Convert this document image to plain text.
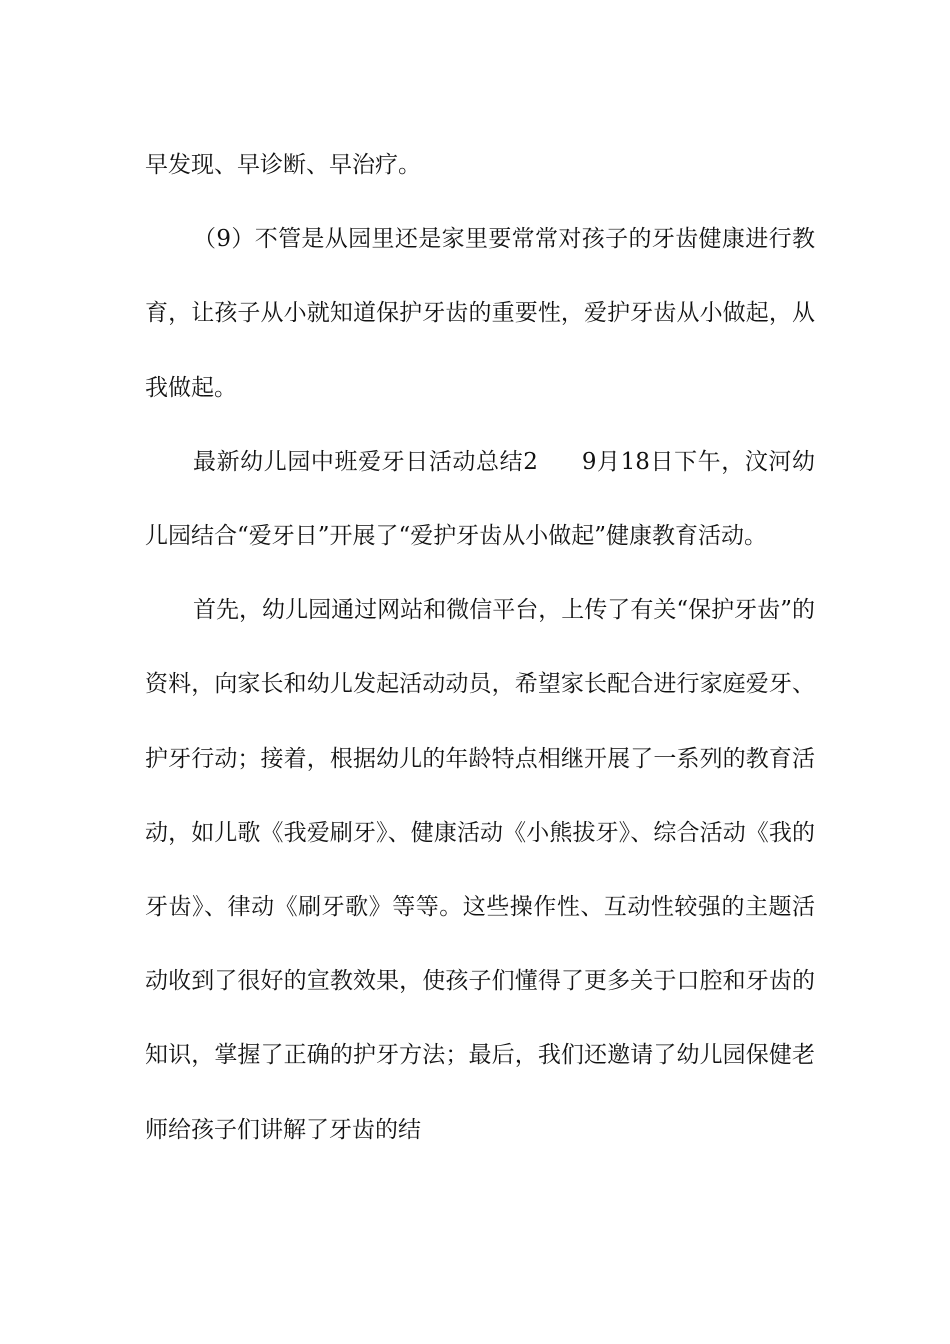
早发现、早诊断、早治疗。

（9）不管是从园里还是家里要常常对孩子的牙齿健康进行教育，让孩子从小就知道保护牙齿的重要性，爱护牙齿从小做起，从我做起。

最新幼儿园中班爱牙日活动总结2 9月18日下午，汶河幼儿园结合“爱牙日”开展了“爱护牙齿从小做起”健康教育活动。

首先，幼儿园通过网站和微信平台，上传了有关“保护牙齿”的资料，向家长和幼儿发起活动动员，希望家长配合进行家庭爱牙、护牙行动；接着，根据幼儿的年龄特点相继开展了一系列的教育活动，如儿歌《我爱刷牙》、健康活动《小熊拔牙》、综合活动《我的牙齿》、律动《刷牙歌》等等。这些操作性、互动性较强的主题活动收到了很好的宣教效果，使孩子们懂得了更多关于口腔和牙齿的知识，掌握了正确的护牙方法；最后，我们还邀请了幼儿园保健老师给孩子们讲解了牙齿的结
